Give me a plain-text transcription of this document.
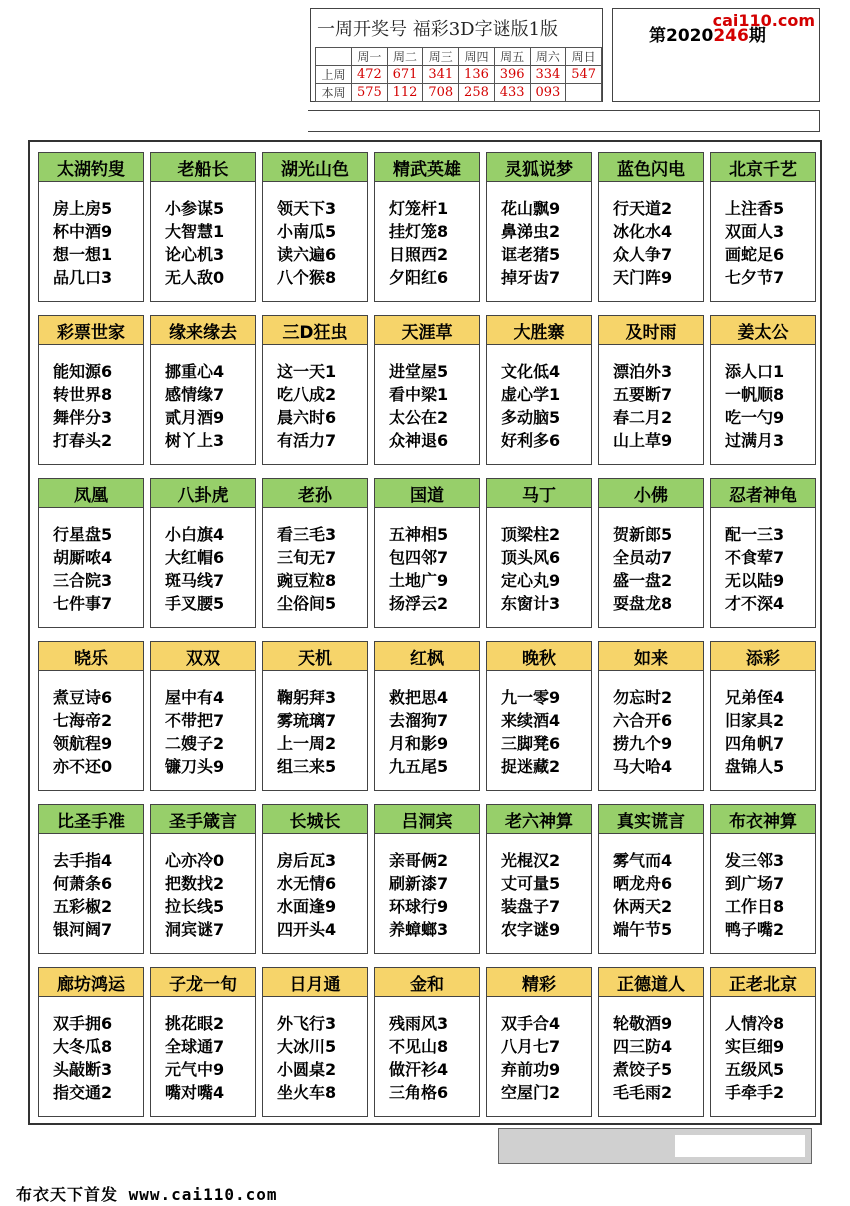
一周开奖号 福彩3D字谜版1版
	周一	周二	周三	周四	周五	周六	周日
上周	472	671	341	136	396	334	547
本周	575	112	708	258	433	093	
cai110.com
第2020246期
太湖钓叟
房上房5
杯中酒9
想一想1
品几口3
老船长
小参谋5
大智慧1
论心机3
无人敌0
湖光山色
领天下3
小南瓜5
读六遍6
八个猴8
精武英雄
灯笼杆1
挂灯笼8
日照西2
夕阳红6
灵狐说梦
花山飘9
鼻涕虫2
诓老猪5
掉牙齿7
蓝色闪电
行天道2
冰化水4
众人争7
天门阵9
北京千艺
上注香5
双面人3
画蛇足6
七夕节7
彩票世家
能知源6
转世界8
舞伴分3
打春头2
缘来缘去
挪重心4
感情缘7
贰月酒9
树丫上3
三D狂虫
这一天1
吃八成2
晨六时6
有活力7
天涯草
进堂屋5
看中梁1
太公在2
众神退6
大胜寨
文化低4
虚心学1
多动脑5
好利多6
及时雨
漂泊外3
五要断7
春二月2
山上草9
姜太公
添人口1
一帆顺8
吃一勺9
过满月3
凤凰
行星盘5
胡厮哝4
三合院3
七件事7
八卦虎
小白旗4
大红帽6
斑马线7
手叉腰5
老孙
看三毛3
三旬无7
豌豆粒8
尘俗间5
国道
五神相5
包四邻7
土地广9
扬浮云2
马丁
顶梁柱2
顶头风6
定心丸9
东窗计3
小佛
贺新郎5
全员动7
盛一盘2
耍盘龙8
忍者神龟
配一三3
不食荤7
无以陆9
才不深4
晓乐
煮豆诗6
七海帝2
领航程9
亦不还0
双双
屋中有4
不带把7
二嫂子2
镰刀头9
天机
鞠躬拜3
雾琉璃7
上一周2
组三来5
红枫
救把思4
去溜狗7
月和影9
九五尾5
晚秋
九一零9
来续酒4
三脚凳6
捉迷藏2
如来
勿忘时2
六合开6
捞九个9
马大哈4
添彩
兄弟侄4
旧家具2
四角帆7
盘锦人5
比圣手准
去手指4
何萧条6
五彩椒2
银河阔7
圣手箴言
心亦冷0
把数找2
拉长线5
洞宾谜7
长城长
房后瓦3
水无情6
水面逢9
四开头4
吕洞宾
亲哥俩2
刷新漆7
环球行9
养蟑螂3
老六神算
光棍汉2
丈可量5
装盘子7
农字谜9
真实谎言
雾气而4
晒龙舟6
休两天2
端午节5
布衣神算
发三邻3
到广场7
工作日8
鸭子嘴2
廊坊鸿运
双手拥6
大冬瓜8
头敲断3
指交通2
子龙一旬
挑花眼2
全球通7
元气中9
嘴对嘴4
日月通
外飞行3
大冰川5
小圆桌2
坐火车8
金和
残雨风3
不见山8
做汗衫4
三角格6
精彩
双手合4
八月七7
弃前功9
空屋门2
正德道人
轮敬酒9
四三防4
煮饺子5
毛毛雨2
正老北京
人情冷8
实巨细9
五级风5
手牵手2
布衣天下首发 www.cai110.com
